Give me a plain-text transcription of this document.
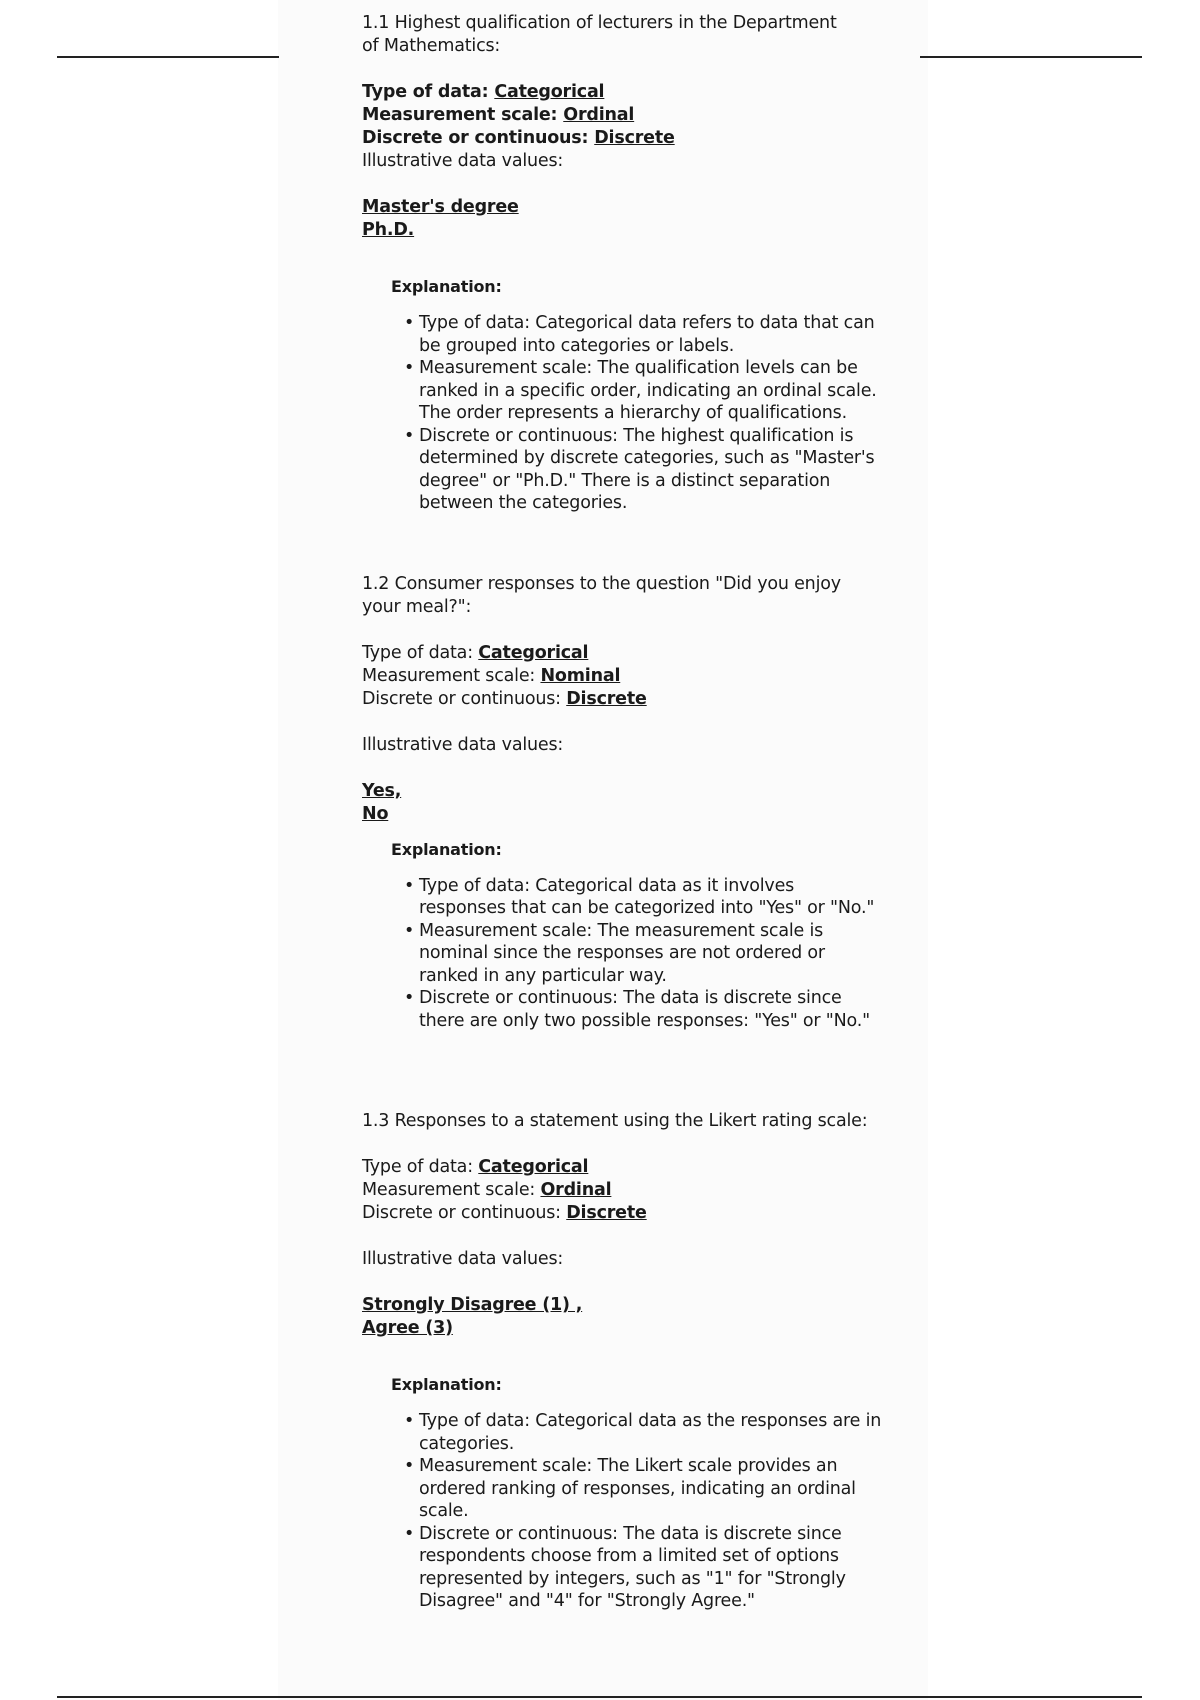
1.1 Highest qualification of lecturers in the Department of Mathematics:
Type of data: Categorical
Measurement scale: Ordinal
Discrete or continuous: Discrete
Illustrative data values:
Master's degree
Ph.D.
Explanation:
• Type of data: Categorical data refers to data that can be grouped into categories or labels.
• Measurement scale: The qualification levels can be ranked in a specific order, indicating an ordinal scale. The order represents a hierarchy of qualifications.
• Discrete or continuous: The highest qualification is determined by discrete categories, such as "Master's degree" or "Ph.D." There is a distinct separation between the categories.
1.2 Consumer responses to the question "Did you enjoy your meal?":
Type of data: Categorical
Measurement scale: Nominal
Discrete or continuous: Discrete
Illustrative data values:
Yes,
No
Explanation:
• Type of data: Categorical data as it involves responses that can be categorized into "Yes" or "No."
• Measurement scale: The measurement scale is nominal since the responses are not ordered or ranked in any particular way.
• Discrete or continuous: The data is discrete since there are only two possible responses: "Yes" or "No."
1.3 Responses to a statement using the Likert rating scale:
Type of data: Categorical
Measurement scale: Ordinal
Discrete or continuous: Discrete
Illustrative data values:
Strongly Disagree (1) ,
Agree (3)
Explanation:
• Type of data: Categorical data as the responses are in categories.
• Measurement scale: The Likert scale provides an ordered ranking of responses, indicating an ordinal scale.
• Discrete or continuous: The data is discrete since respondents choose from a limited set of options represented by integers, such as "1" for "Strongly Disagree" and "4" for "Strongly Agree."
